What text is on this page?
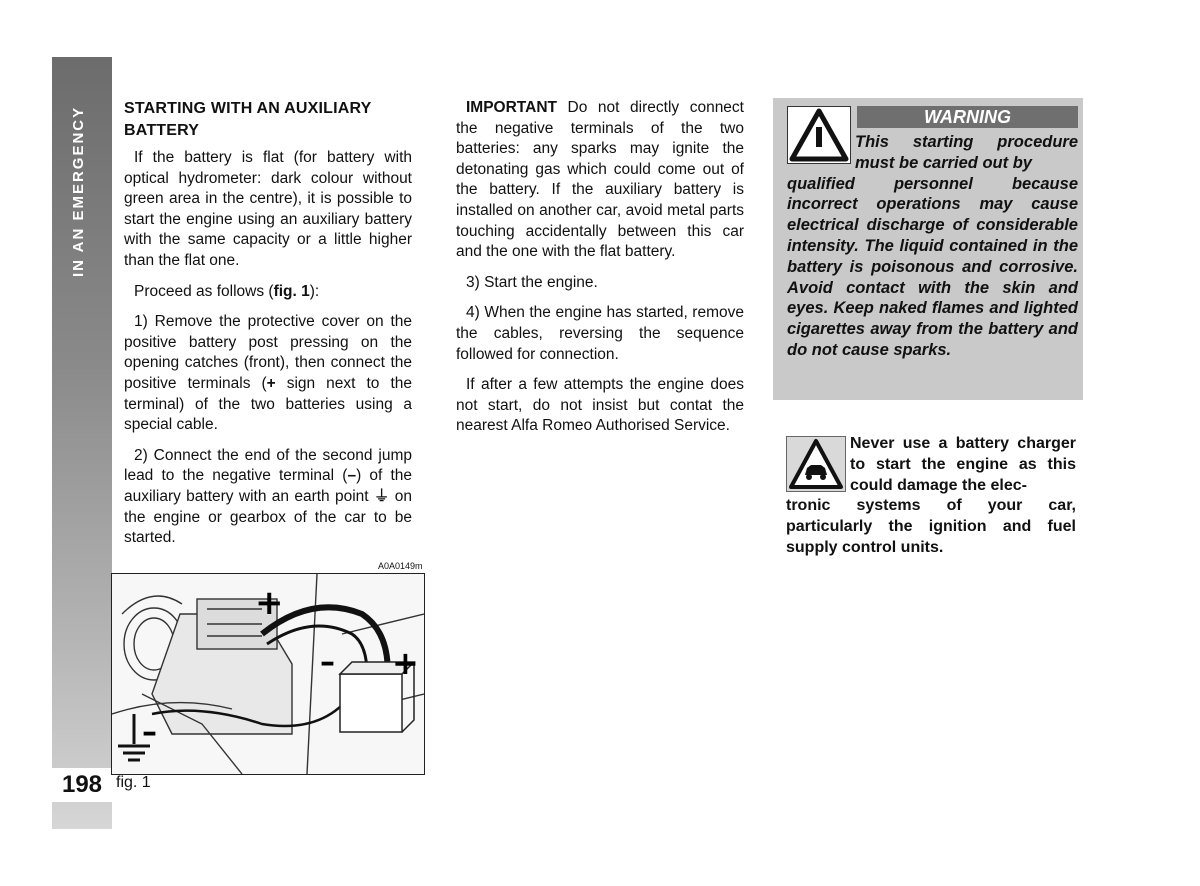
198
STARTING WITH AN AUXILIARY BATTERY

If the battery is flat (for battery with optical hydrometer: dark colour without green area in the centre), it is possible to start the engine using an auxiliary battery with the same capacity or a little higher than the flat one.

Proceed as follows (fig. 1):

1) Remove the protective cover on the positive battery post pressing on the opening catches (front), then connect the positive terminals (+ sign next to the terminal) of the two batteries using a special cable.

2) Connect the end of the second jump lead to the negative terminal (–) of the auxiliary battery with an earth point ⏚ on the engine or gearbox of the car to be started.

A0A0149m
+
– +
–
fig. 1

IMPORTANT Do not directly connect the negative terminals of the two batteries: any sparks may ignite the detonating gas which could come out of the battery. If the auxiliary battery is installed on another car, avoid metal parts touching accidentally between this car and the one with the flat battery.

3) Start the engine.

4) When the engine has started, remove the cables, reversing the sequence followed for connection.

If after a few attempts the engine does not start, do not insist but contat the nearest Alfa Romeo Authorised Service.

WARNING
This starting procedure must be carried out by
qualified personnel because incorrect operations may cause electrical discharge of considerable intensity. The liquid contained in the battery is poisonous and corrosive. Avoid contact with the skin and eyes. Keep naked flames and lighted cigarettes away from the battery and do not cause sparks.
Never use a battery charger to start the engine as this could damage the elec-
tronic systems of your car, particularly the ignition and fuel supply control units.
